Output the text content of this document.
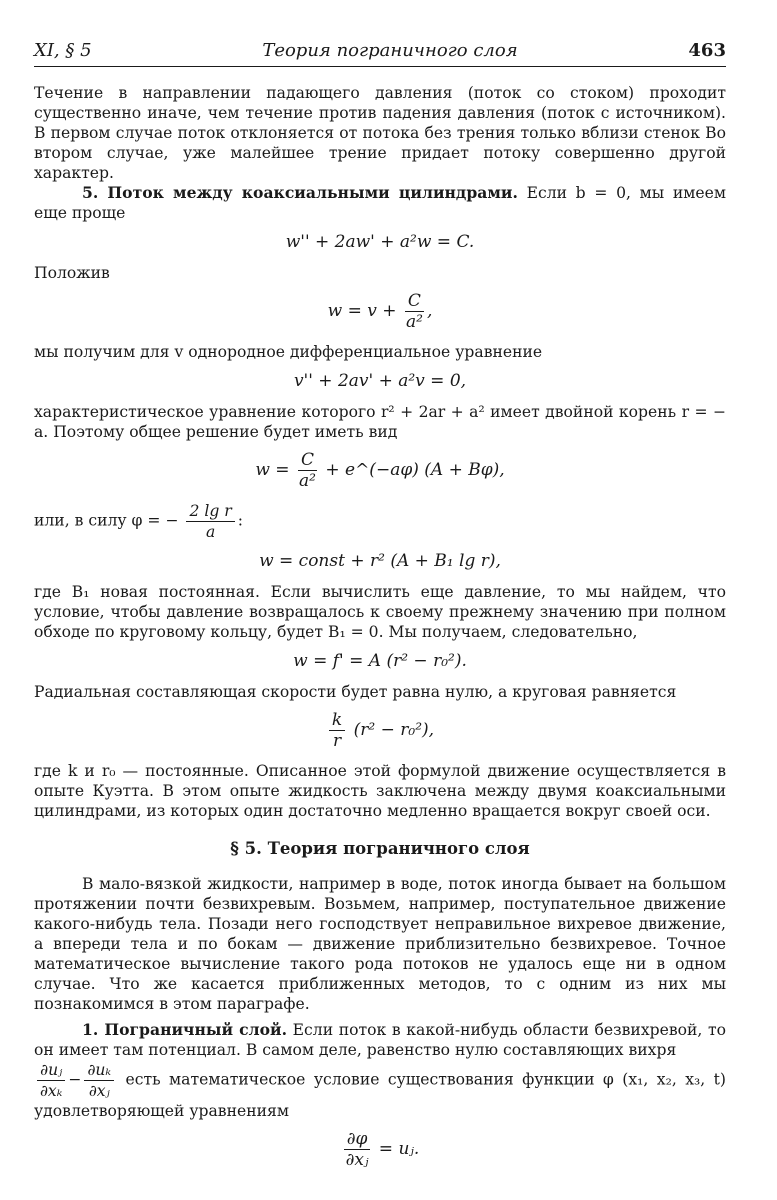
XI, § 5	Теория пограничного слоя	463

Течение в направлении падающего давления (поток со стоком) проходит существенно иначе, чем течение против падения давления (поток с источником). В первом случае поток отклоняется от потока без трения только вблизи стенок Во втором случае, уже малейшее трение придает потоку совершенно другой характер.

5. Поток между коаксиальными цилиндрами. Если b = 0, мы имеем еще проще

w'' + 2aw' + a²w = C.

Положив

$w = v + \frac{C}{\text{a²}}$ ,

мы получим для v однородное дифференциальное уравнение

v'' + 2av' + a²v = 0,

характеристическое уравнение которого r² + 2ar + a² имеет двойной корень r = − a. Поэтому общее решение будет иметь вид

$w = \frac{C}{\text{a²}}$ + e^(−aφ) (A + Bφ),

или, в силу φ = − $\frac{\text{2 lg r}}{a}$ :

w = const + r² (A + B₁ lg r),

где B₁ новая постоянная. Если вычислить еще давление, то мы найдем, что условие, чтобы давление возвращалось к своему прежнему значению при полном обходе по круговому кольцу, будет B₁ = 0. Мы получаем, следовательно,

w = f' = A (r² − r₀²).

Радиальная составляющая скорости будет равна нулю, а круговая равняется

$\frac{k}{r} (r^2 - r_0^2)$,

где k и r₀ — постоянные. Описанное этой формулой движение осуществляется в опыте Куэтта. В этом опыте жидкость заключена между двумя коаксиальными цилиндрами, из которых один достаточно медленно вращается вокруг своей оси.

§ 5. Теория пограничного слоя

В мало-вязкой жидкости, например в воде, поток иногда бывает на большом протяжении почти безвихревым. Возьмем, например, поступательное движение какого-нибудь тела. Позади него господствует неправильное вихревое движение, а впереди тела и по бокам — движение приблизительно безвихревое. Точное математическое вычисление такого рода потоков не удалось еще ни в одном случае. Что же касается приближенных методов, то с одним из них мы познакомимся в этом параграфе.

1. Пограничный слой. Если поток в какой-нибудь области безвихревой, то он имеет там потенциал. В самом деле, равенство нулю составляющих вихря

$\frac{\text{∂uⱼ}}{\text{∂xₖ}} - \frac{\text{∂uₖ}}{\text{∂xⱼ}}$ есть математическое условие существования функции φ (x₁, x₂, x₃, t) удовлетворяющей уравнениям

$\frac{\partial\varphi}{\text{∂xⱼ}}$ = uⱼ.
